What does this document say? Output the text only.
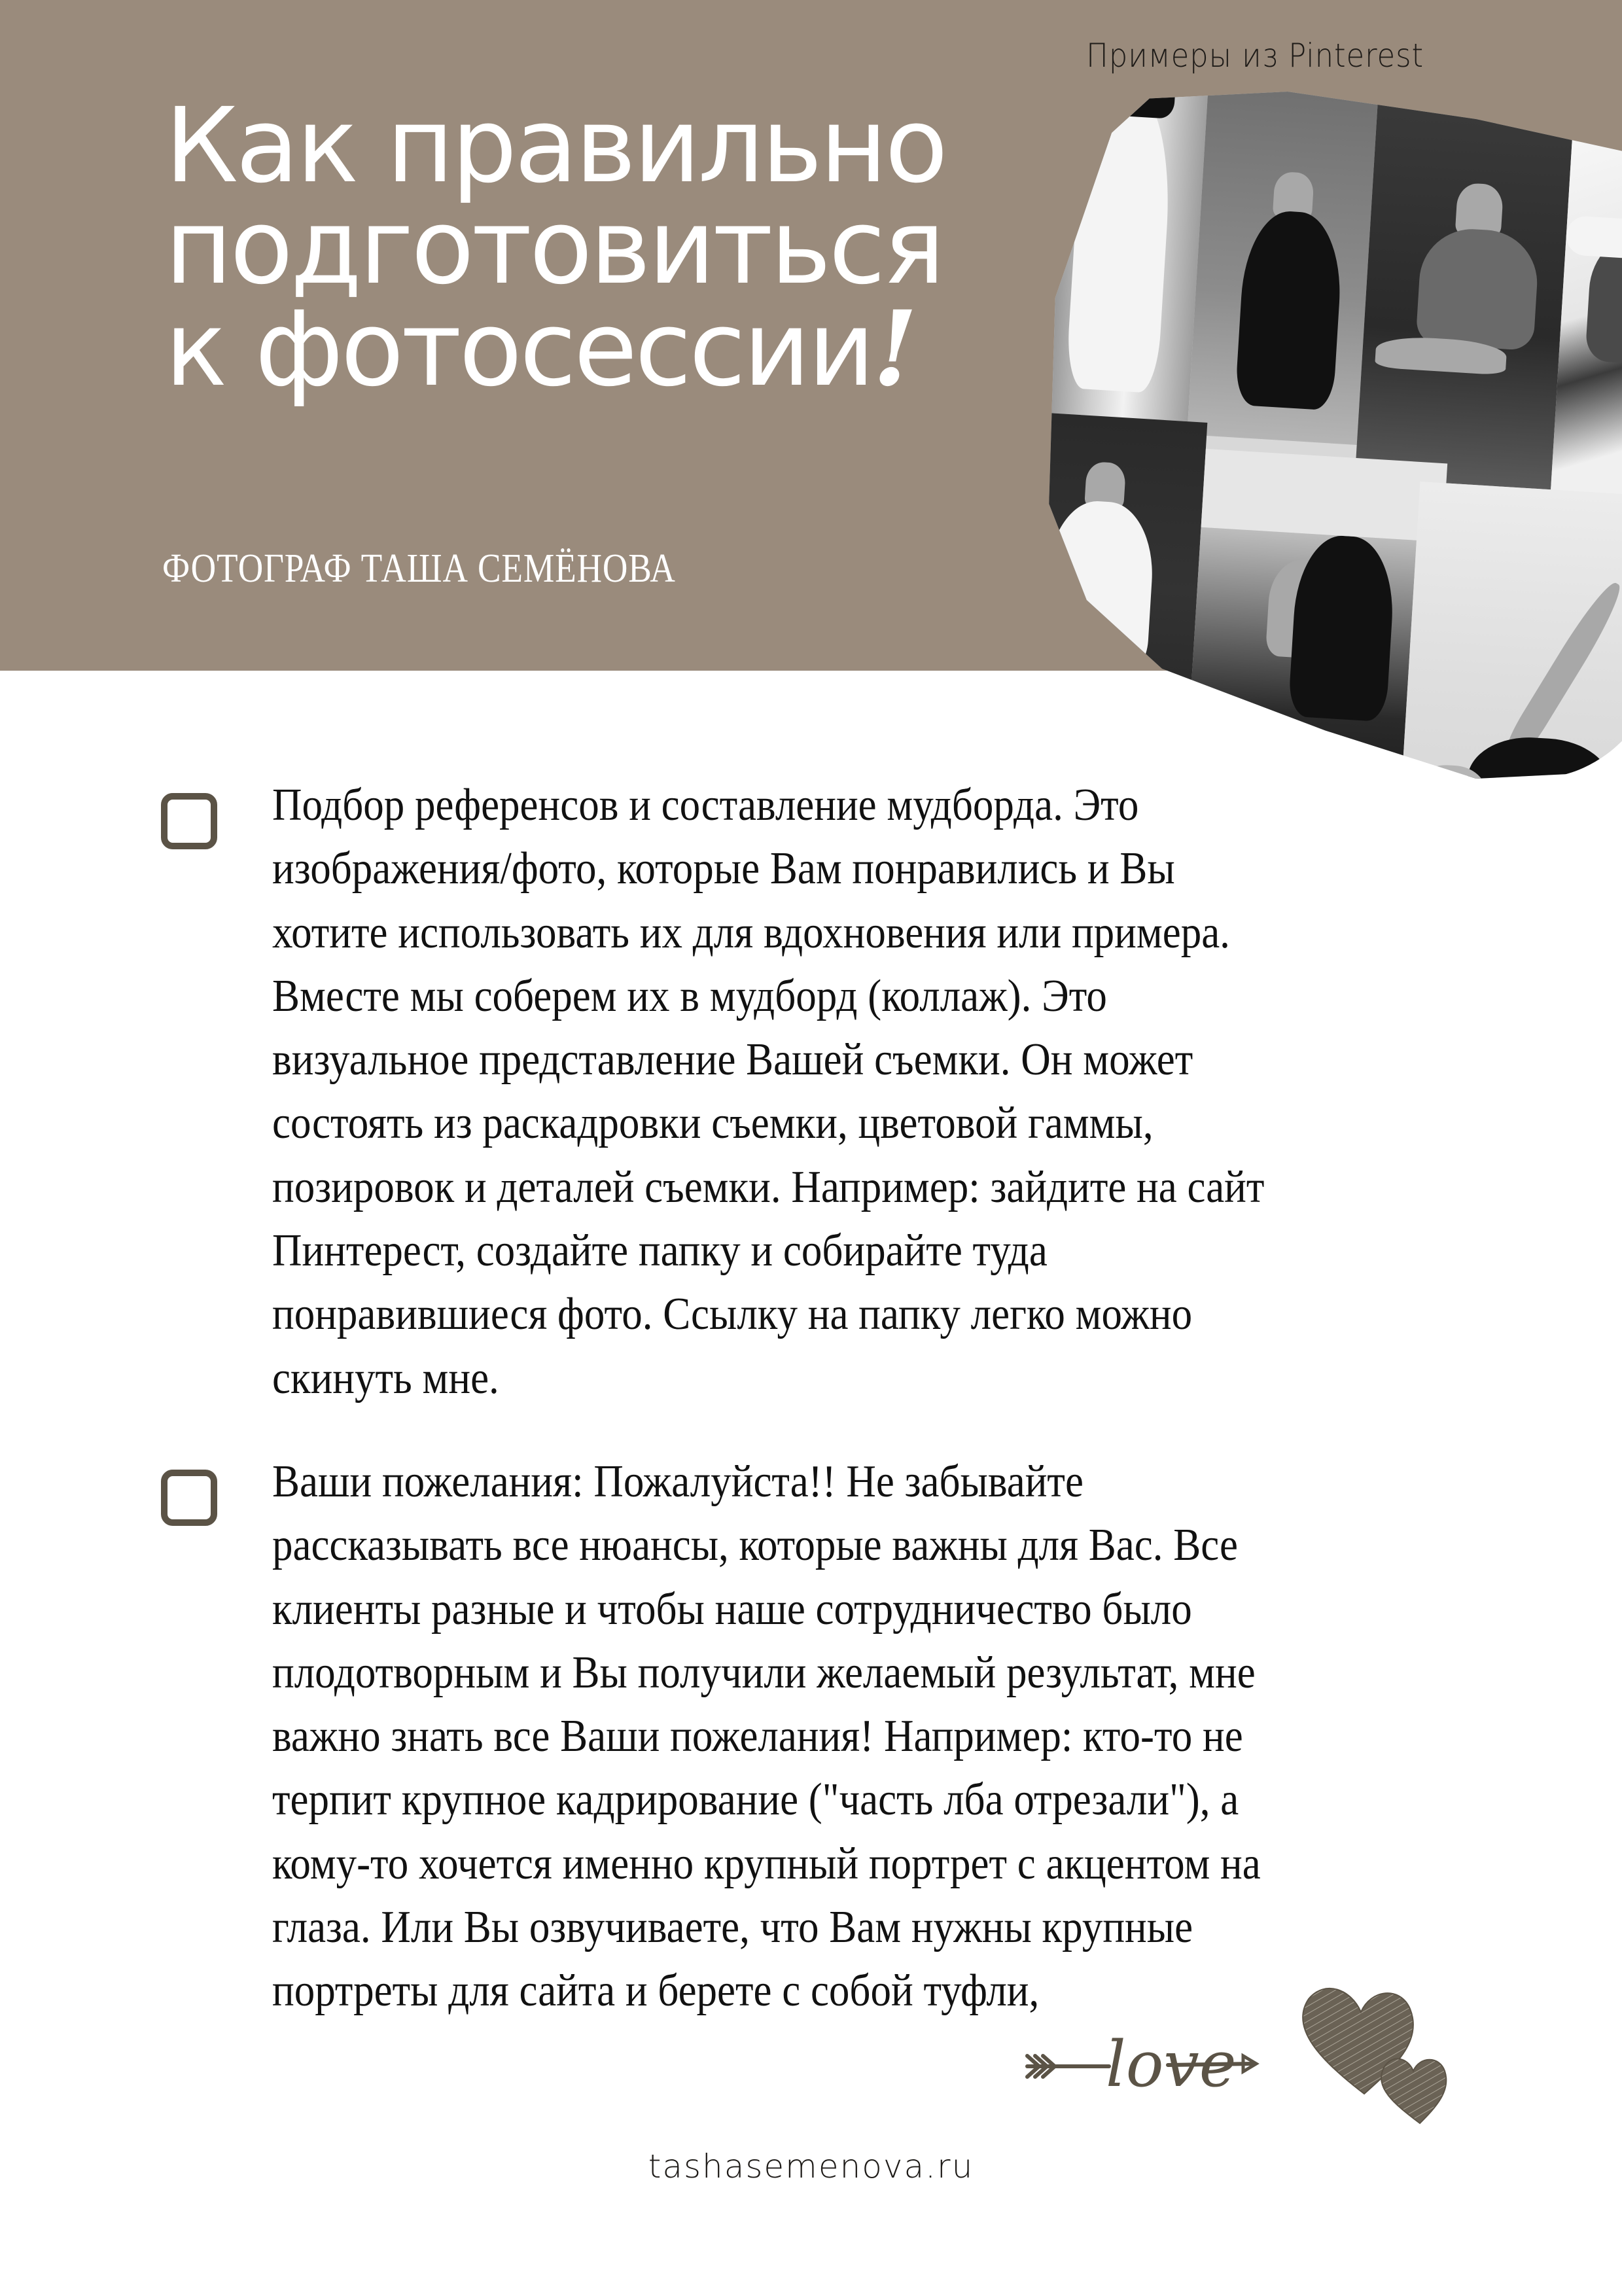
Как правильно
подготовиться
к фотосессии!
ФОТОГРАФ ТАША СЕМЁНОВА
Примеры из Pinterest
Подбор референсов и составление мудборда. Это
изображения/фото, которые Вам понравились и Вы
хотите использовать их для вдохновения или примера.
Вместе мы соберем их в мудборд (коллаж). Это
визуальное представление Вашей съемки. Он может
состоять из раскадровки съемки, цветовой гаммы,
позировок и деталей съемки. Например: зайдите на сайт
Пинтерест, создайте папку и собирайте туда
понравившиеся фото. Ссылку на папку легко можно
скинуть мне.
Ваши пожелания: Пожалуйста!! Не забывайте
рассказывать все нюансы, которые важны для Вас. Все
клиенты разные и чтобы наше сотрудничество было
плодотворным и Вы получили желаемый результат, мне
важно знать все Ваши пожелания! Например: кто-то не
терпит крупное кадрирование ("часть лба отрезали"), а
кому-то хочется именно крупный портрет с акцентом на
глаза. Или Вы озвучиваете, что Вам нужны крупные
портреты для сайта и берете с собой туфли,
love
tashasemenova.ru
